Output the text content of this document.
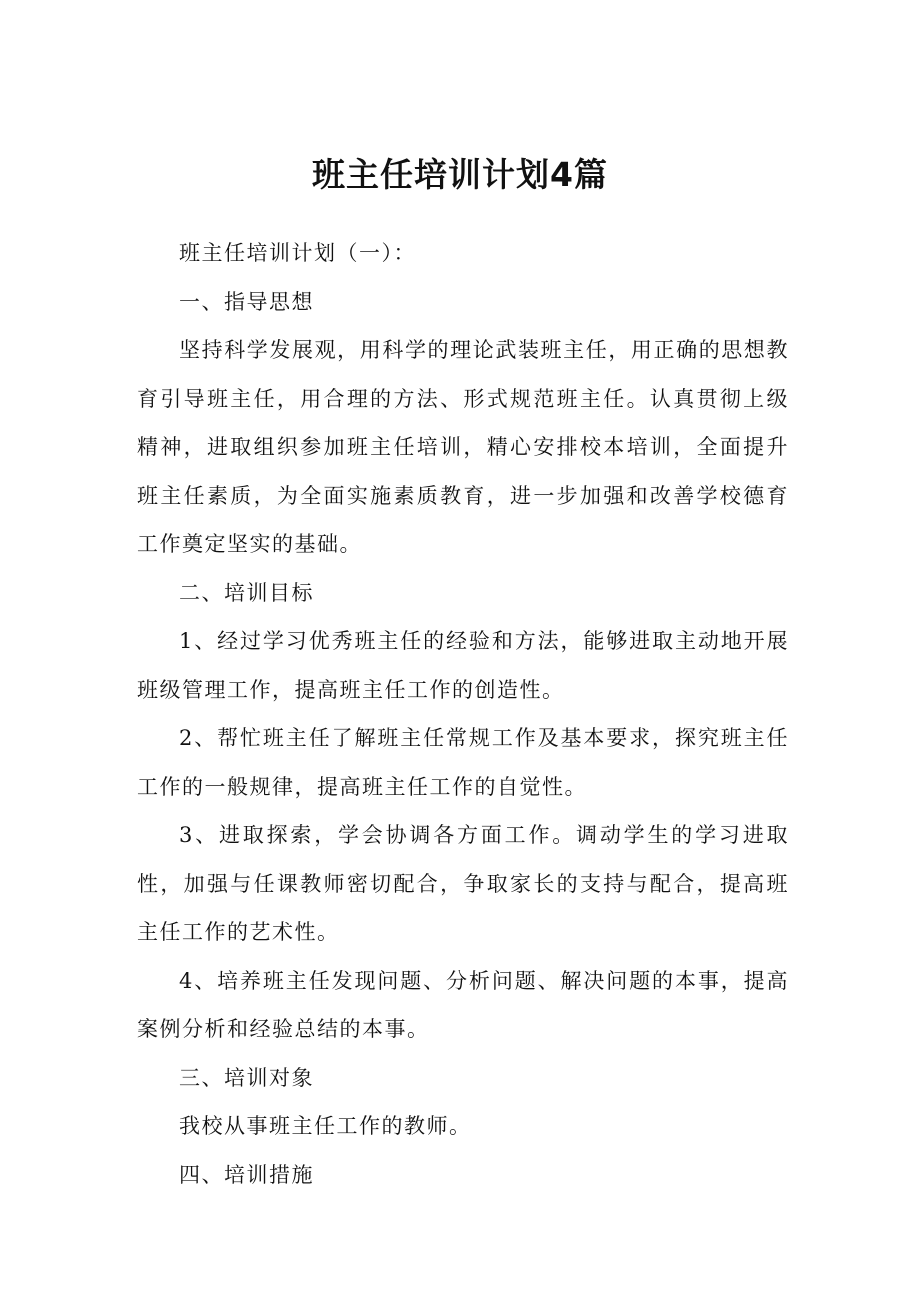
班主任培训计划4篇

班主任培训计划（一）：

一、指导思想

坚持科学发展观，用科学的理论武装班主任，用正确的思想教育引导班主任，用合理的方法、形式规范班主任。认真贯彻上级精神，进取组织参加班主任培训，精心安排校本培训，全面提升班主任素质，为全面实施素质教育，进一步加强和改善学校德育工作奠定坚实的基础。

二、培训目标

1、经过学习优秀班主任的经验和方法，能够进取主动地开展班级管理工作，提高班主任工作的创造性。

2、帮忙班主任了解班主任常规工作及基本要求，探究班主任工作的一般规律，提高班主任工作的自觉性。

3、进取探索，学会协调各方面工作。调动学生的学习进取性，加强与任课教师密切配合，争取家长的支持与配合，提高班主任工作的艺术性。

4、培养班主任发现问题、分析问题、解决问题的本事，提高案例分析和经验总结的本事。

三、培训对象

我校从事班主任工作的教师。

四、培训措施
